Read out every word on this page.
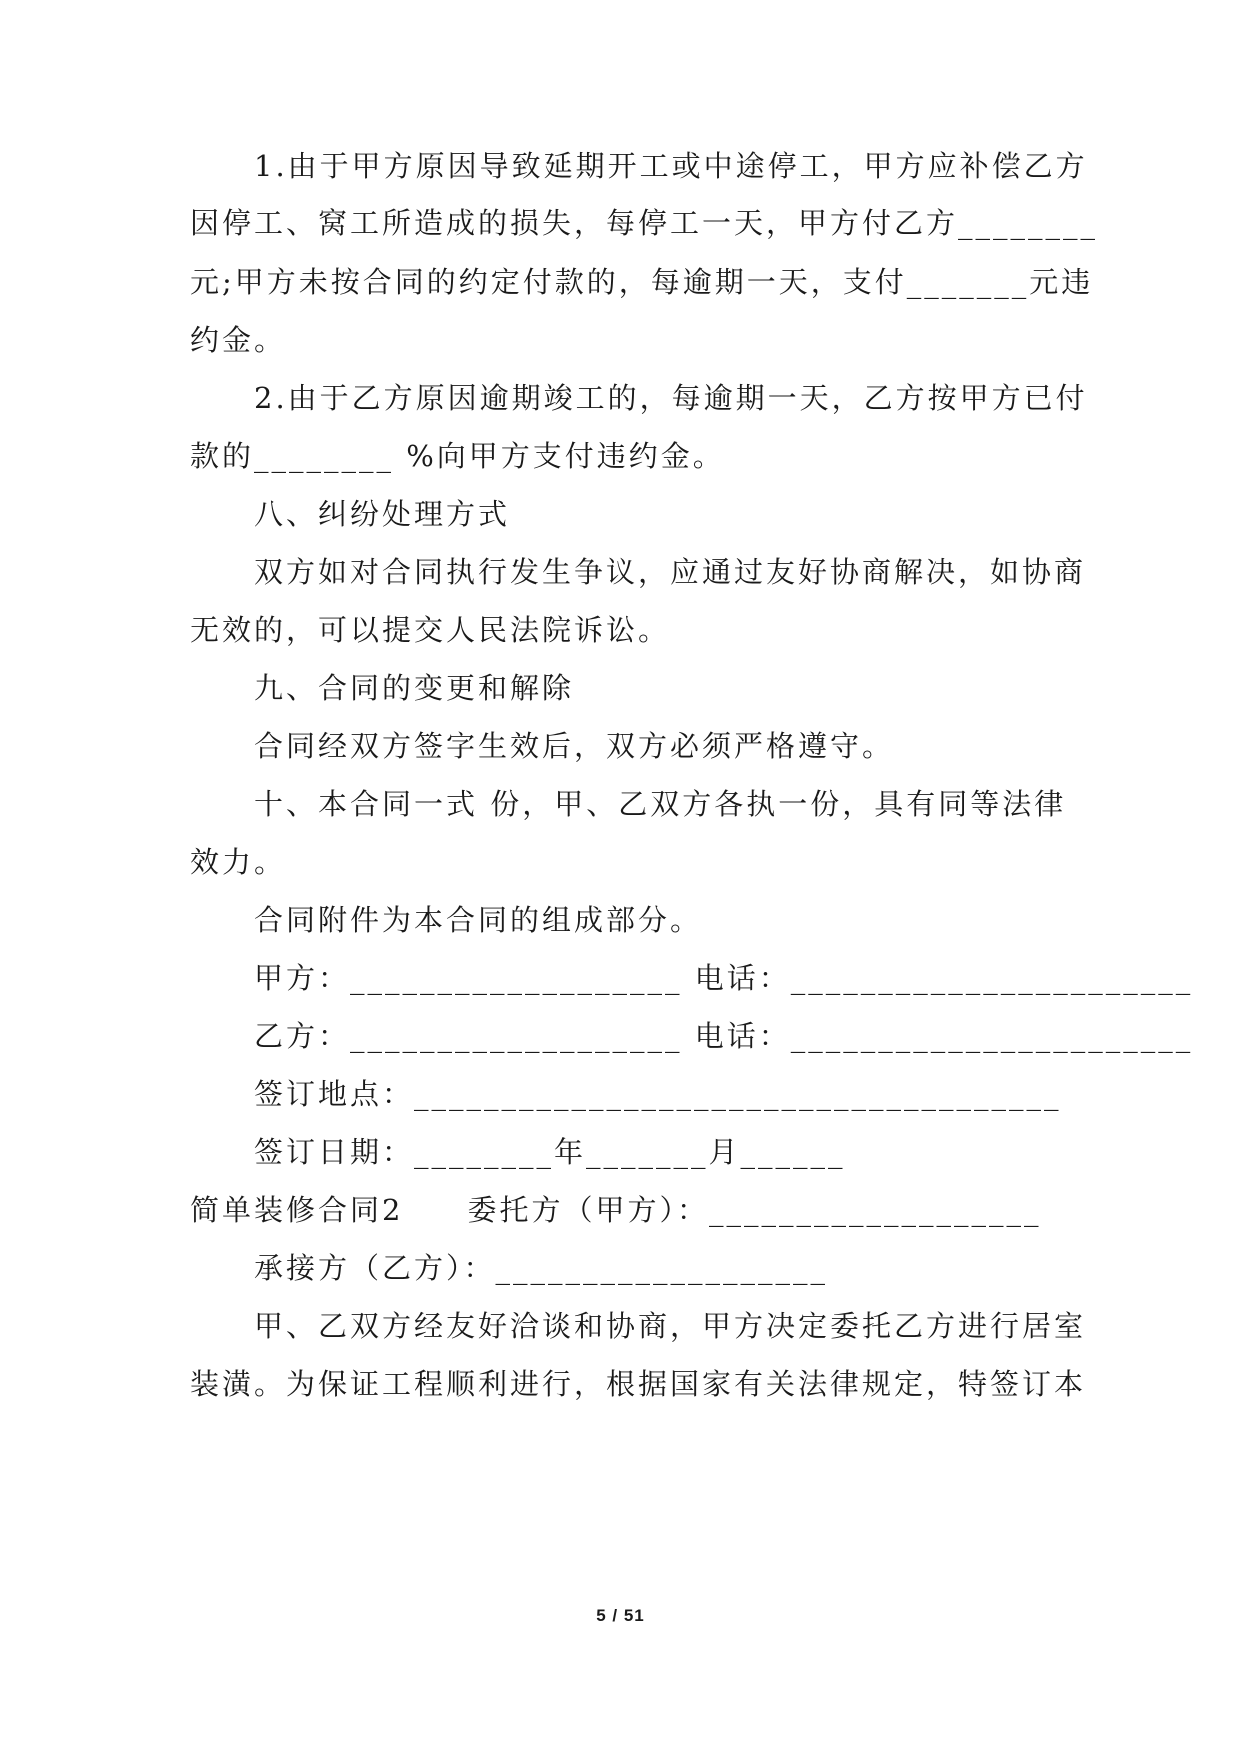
1.由于甲方原因导致延期开工或中途停工，甲方应补偿乙方
因停工、窝工所造成的损失，每停工一天，甲方付乙方________
元;甲方未按合同的约定付款的，每逾期一天，支付_______元违
约金。
2.由于乙方原因逾期竣工的，每逾期一天，乙方按甲方已付
款的________ %向甲方支付违约金。
八、纠纷处理方式
双方如对合同执行发生争议，应通过友好协商解决，如协商
无效的，可以提交人民法院诉讼。
九、合同的变更和解除
合同经双方签字生效后，双方必须严格遵守。
十、本合同一式 份，甲、乙双方各执一份，具有同等法律
效力。
合同附件为本合同的组成部分。
甲方：___________________ 电话：_______________________
乙方：___________________ 电话：_______________________
签订地点：_____________________________________
签订日期：________年_______月______
简单装修合同2　　委托方（甲方）：___________________
承接方（乙方）：___________________
甲、乙双方经友好洽谈和协商，甲方决定委托乙方进行居室
装潢。为保证工程顺利进行，根据国家有关法律规定，特签订本
5 / 51
